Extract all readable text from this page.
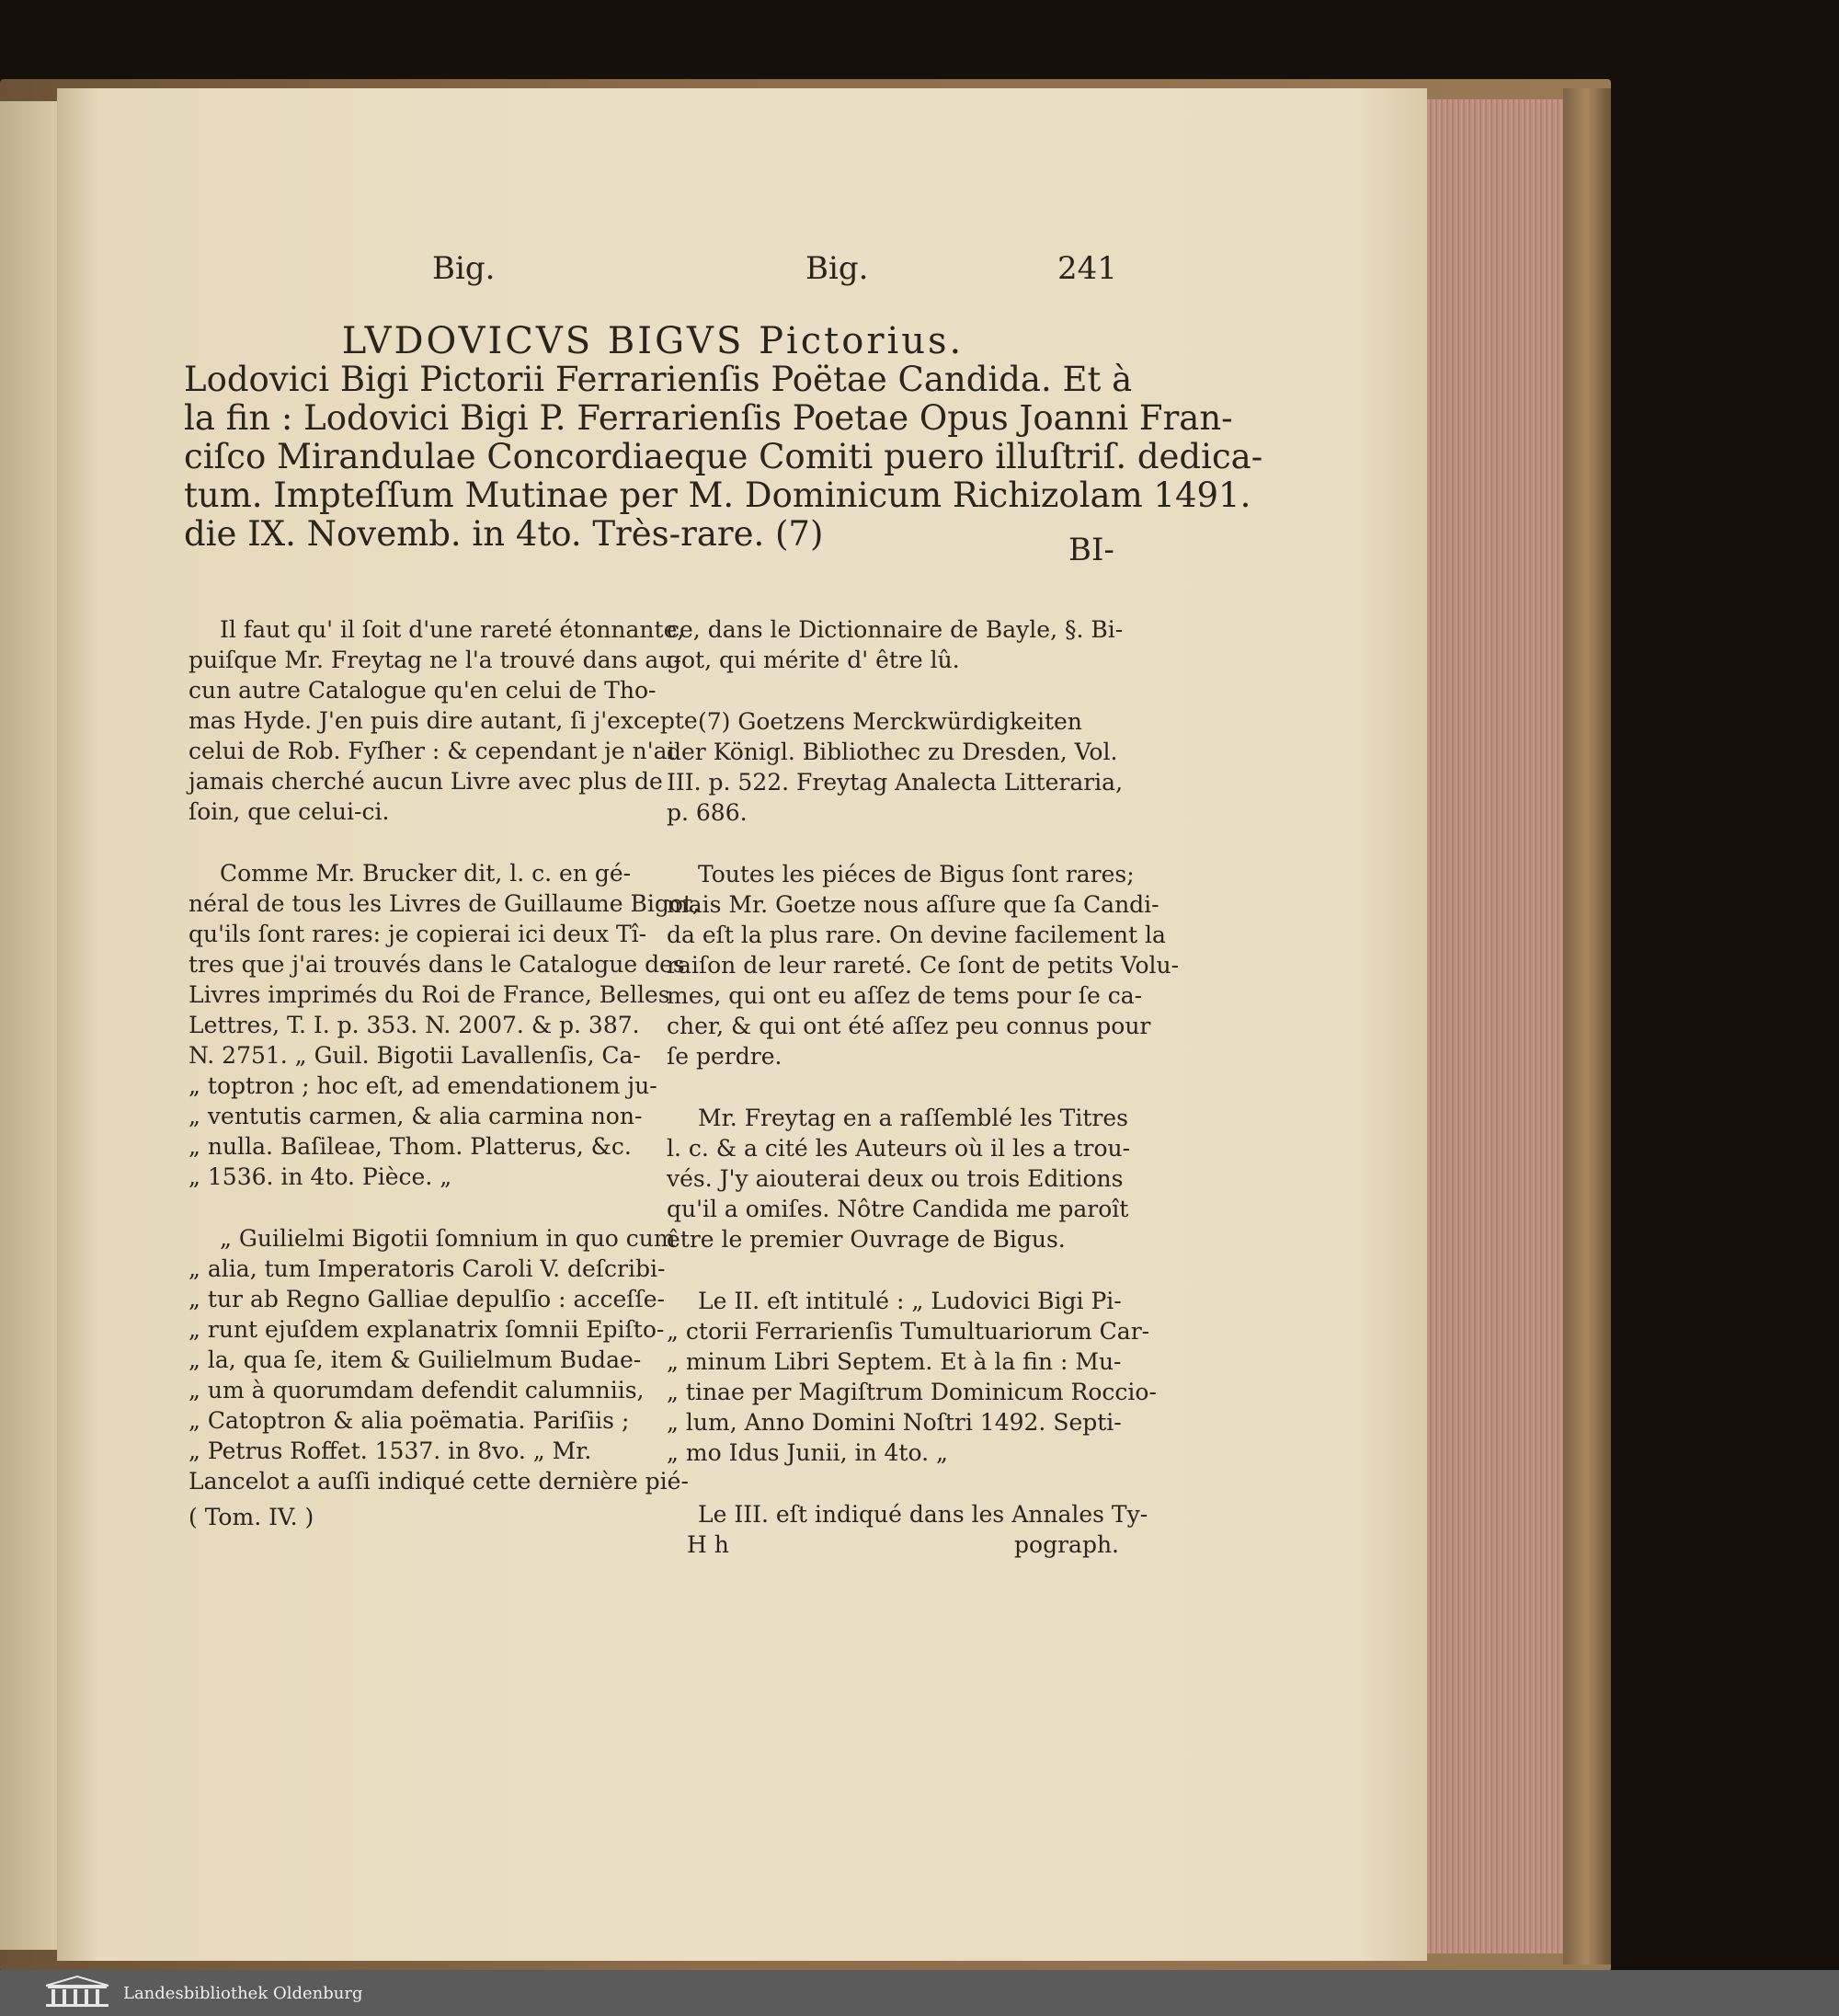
Big.	Big.	241
LVDOVICVS BIGVS Pictorius.

Lodovici Bigi Pictorii Ferrarienſis Poëtae Candida. Et à

la fin : Lodovici Bigi P. Ferrarienſis Poetae Opus Joanni Fran-

ciſco Mirandulae Concordiaeque Comiti puero illuſtriſ. dedica-

tum. Impteſſum Mutinae per M. Dominicum Richizolam 1491.

die IX. Novemb. in 4to. Très-rare. (7)	BI-

Il faut qu' il ſoit d'une rareté étonnante,
puiſque Mr. Freytag ne l'a trouvé dans au-
cun autre Catalogue qu'en celui de Tho-
mas Hyde. J'en puis dire autant, ſi j'excepte
celui de Rob. Fyſher : & cependant je n'ai
jamais cherché aucun Livre avec plus de
ſoin, que celui-ci.

Comme Mr. Brucker dit, l. c. en gé-
néral de tous les Livres de Guillaume Bigot,
qu'ils ſont rares: je copierai ici deux Tî-
tres que j'ai trouvés dans le Catalogue des
Livres imprimés du Roi de France, Belles
Lettres, T. I. p. 353. N. 2007. & p. 387.
N. 2751. „ Guil. Bigotii Lavallenſis, Ca-
„ toptron ; hoc eſt, ad emendationem ju-
„ ventutis carmen, & alia carmina non-
„ nulla. Baſileae, Thom. Platterus, &c.
„ 1536. in 4to. Pièce. „

„ Guilielmi Bigotii ſomnium in quo cum
„ alia, tum Imperatoris Caroli V. deſcribi-
„ tur ab Regno Galliae depulſio : acceſſe-
„ runt ejuſdem explanatrix ſomnii Epiſto-
„ la, qua ſe, item & Guilielmum Budae-
„ um à quorumdam defendit calumniis,
„ Catoptron & alia poëmatia. Pariſiis ;
„ Petrus Roffet. 1537. in 8vo. „ Mr.
Lancelot a auſſi indiqué cette dernière pié-

( Tom. IV. )

ce, dans le Dictionnaire de Bayle, §. Bi-
got, qui mérite d' être lû.

(7) Goetzens Merckwürdigkeiten
der Königl. Bibliothec zu Dresden, Vol.
III. p. 522. Freytag Analecta Litteraria,
p. 686.

Toutes les piéces de Bigus ſont rares;
mais Mr. Goetze nous aſſure que ſa Candi-
da eſt la plus rare. On devine facilement la
raiſon de leur rareté. Ce ſont de petits Volu-
mes, qui ont eu aſſez de tems pour ſe ca-
cher, & qui ont été aſſez peu connus pour
ſe perdre.

Mr. Freytag en a raſſemblé les Titres
l. c. & a cité les Auteurs où il les a trou-
vés. J'y aiouterai deux ou trois Editions
qu'il a omiſes. Nôtre Candida me paroît
être le premier Ouvrage de Bigus.

Le II. eſt intitulé : „ Ludovici Bigi Pi-
„ ctorii Ferrarienſis Tumultuariorum Car-
„ minum Libri Septem. Et à la fin : Mu-
„ tinae per Magiſtrum Dominicum Roccio-
„ lum, Anno Domini Noſtri 1492. Septi-
„ mo Idus Junii, in 4to. „

Le III. eſt indiqué dans les Annales Ty-

H h	pograph.
Landesbibliothek Oldenburg
